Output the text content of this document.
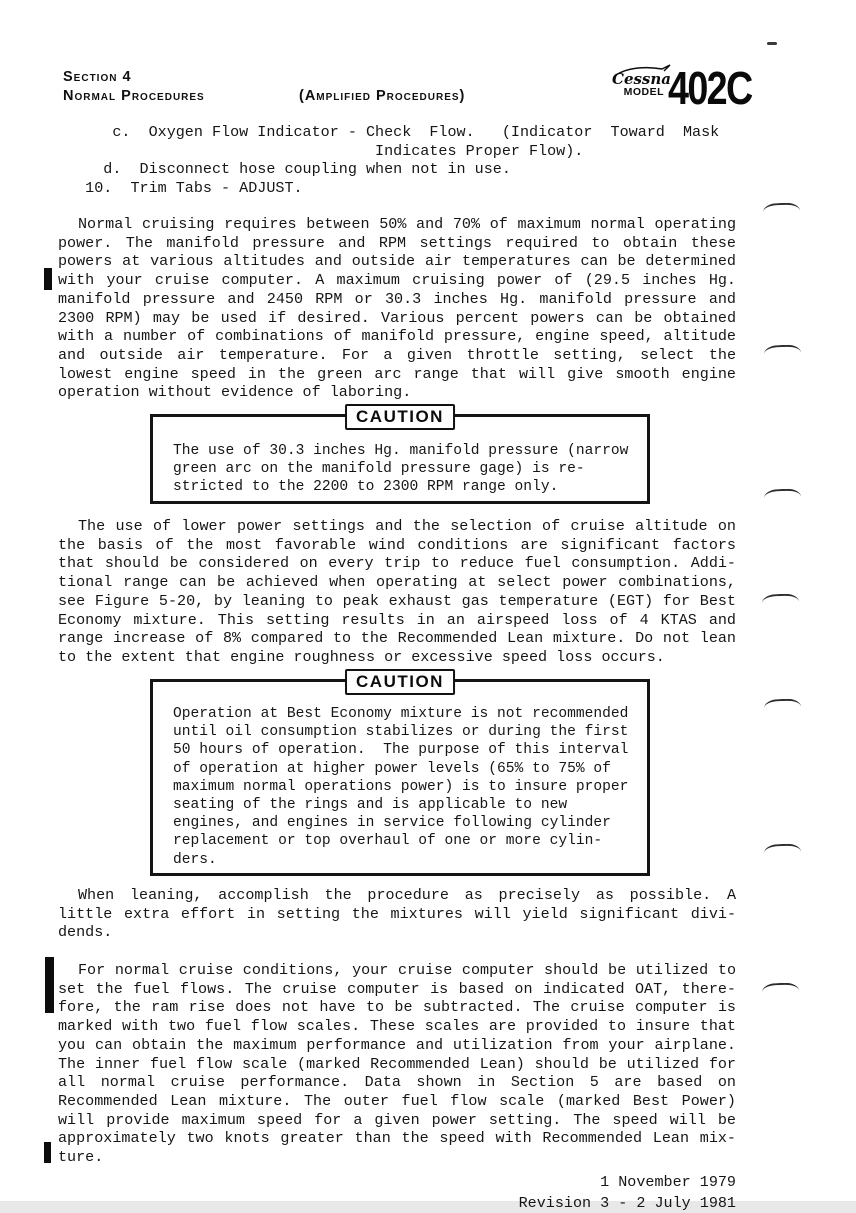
Section 4
Normal Procedures	(Amplified Procedures)
Cessna
MODEL 402C
c.  Oxygen Flow Indicator - Check  Flow.   (Indicator  Toward  Mask
Indicates Proper Flow).
d.  Disconnect hose coupling when not in use.
10.  Trim Tabs - ADJUST.
Normal cruising requires between 50% and 70% of maximum normal operating
power. The manifold pressure and RPM settings required to obtain these
powers at various altitudes and outside air temperatures can be determined
with your cruise computer. A maximum cruising power of (29.5 inches Hg.
manifold pressure and 2450 RPM or 30.3 inches Hg. manifold pressure and
2300 RPM) may be used if desired. Various percent powers can be obtained
with a number of combinations of manifold pressure, engine speed, altitude
and outside air temperature. For a given throttle setting, select the
lowest engine speed in the green arc range that will give smooth engine
operation without evidence of laboring.
CAUTION
The use of 30.3 inches Hg. manifold pressure (narrow
green arc on the manifold pressure gage) is re-
stricted to the 2200 to 2300 RPM range only.
The use of lower power settings and the selection of cruise altitude on
the basis of the most favorable wind conditions are significant factors
that should be considered on every trip to reduce fuel consumption. Addi-
tional range can be achieved when operating at select power combinations,
see Figure 5-20, by leaning to peak exhaust gas temperature (EGT) for Best
Economy mixture. This setting results in an airspeed loss of 4 KTAS and
range increase of 8% compared to the Recommended Lean mixture. Do not lean
to the extent that engine roughness or excessive speed loss occurs.
CAUTION
Operation at Best Economy mixture is not recommended
until oil consumption stabilizes or during the first
50 hours of operation.  The purpose of this interval
of operation at higher power levels (65% to 75% of
maximum normal operations power) is to insure proper
seating of the rings and is applicable to new
engines, and engines in service following cylinder
replacement or top overhaul of one or more cylin-
ders.
When leaning, accomplish the procedure as precisely as possible. A
little extra effort in setting the mixtures will yield significant divi-
dends.
For normal cruise conditions, your cruise computer should be utilized to
set the fuel flows. The cruise computer is based on indicated OAT, there-
fore, the ram rise does not have to be subtracted. The cruise computer is
marked with two fuel flow scales. These scales are provided to insure that
you can obtain the maximum performance and utilization from your airplane.
The inner fuel flow scale (marked Recommended Lean) should be utilized for
all normal cruise performance. Data shown in Section 5 are based on
Recommended Lean mixture. The outer fuel flow scale (marked Best Power)
will provide maximum speed for a given power setting. The speed will be
approximately two knots greater than the speed with Recommended Lean mix-
ture.
1 November 1979
Revision 3 - 2 July 1981
